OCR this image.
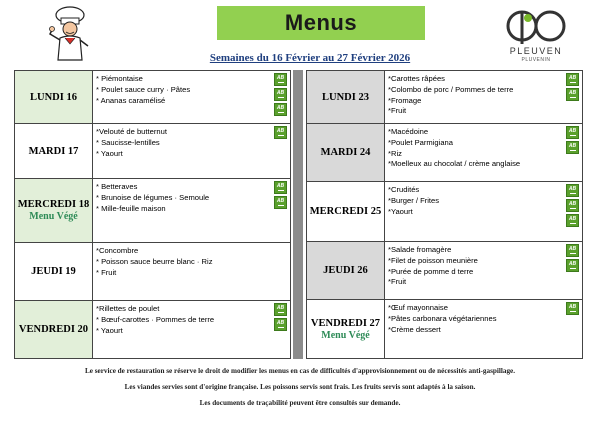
Menus
PLEUVEN
PLUVENIN
Semaines du 16 Février au 27 Février 2026
LUNDI 16
* Piémontaise
* Poulet sauce curry · Pâtes
* Ananas caramélisé
AB
AB
AB
MARDI 17
*Velouté de butternut
* Saucisse-lentilles
* Yaourt
AB
MERCREDI 18
Menu Végé
* Betteraves
* Brunoise de légumes · Semoule
* Mille-feuille maison
AB
AB
JEUDI 19
*Concombre
* Poisson sauce beurre blanc · Riz
* Fruit
VENDREDI 20
*Rillettes de poulet
* Bœuf-carottes · Pommes de terre
* Yaourt
AB
AB
LUNDI 23
*Carottes râpées
*Colombo de porc / Pommes de terre
*Fromage
*Fruit
AB
AB
MARDI 24
*Macédoine
*Poulet Parmigiana
*Riz
*Moelleux au chocolat / crème anglaise
AB
AB
MERCREDI 25
*Crudités
*Burger / Frites
*Yaourt
AB
AB
AB
JEUDI 26
*Salade fromagère
*Filet de poisson meunière
*Purée de pomme d terre
*Fruit
AB
AB
VENDREDI 27
Menu Végé
*Œuf mayonnaise
*Pâtes carbonara végétariennes
*Crème dessert
AB
Le service de restauration se réserve le droit de modifier les menus en cas de difficultés d'approvisionnement ou de nécessités anti-gaspillage.
Les viandes servies sont d'origine française. Les poissons servis sont frais. Les fruits servis sont adaptés à la saison.
Les documents de traçabilité peuvent être consultés sur demande.
